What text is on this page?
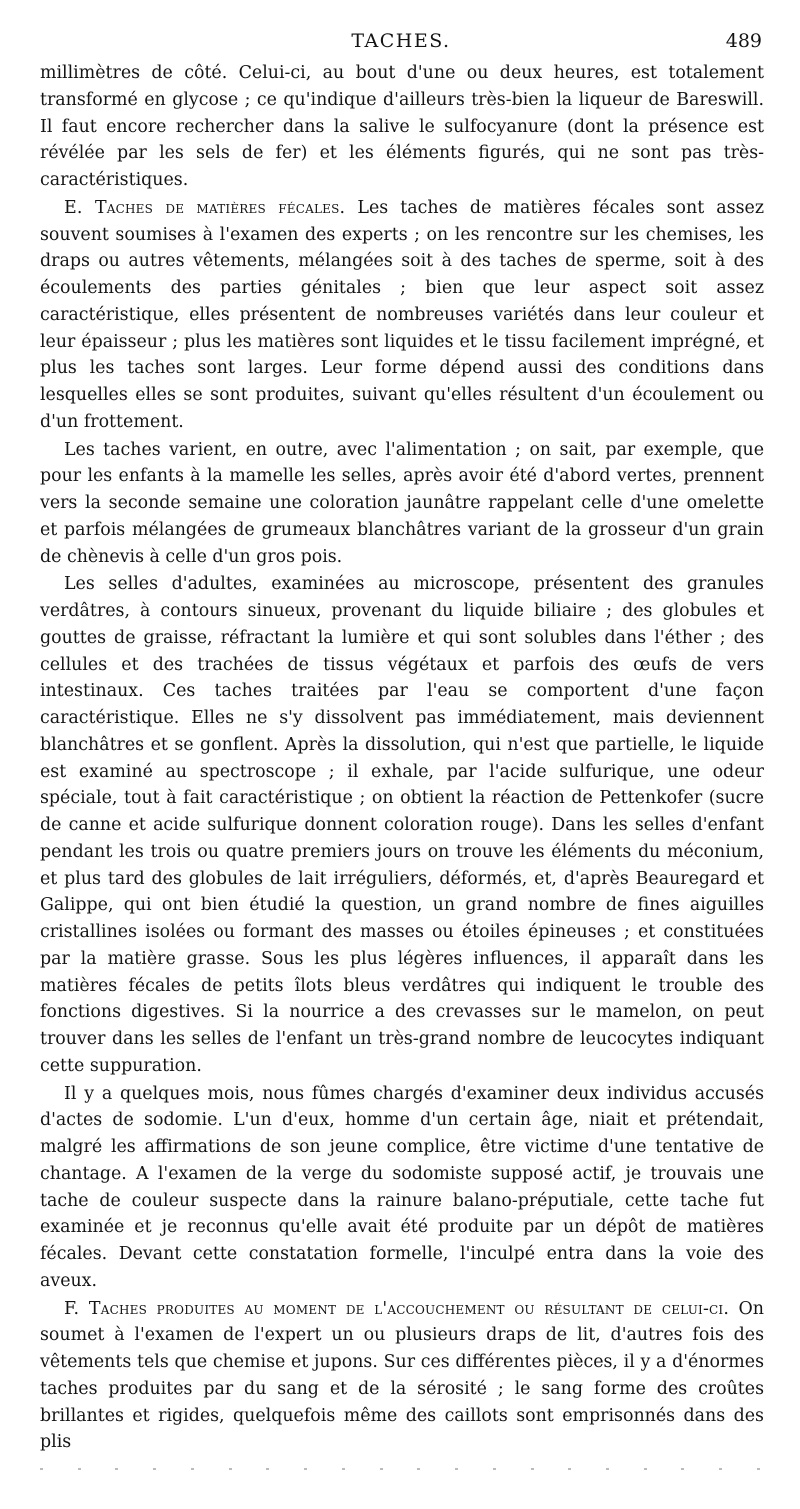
TACHES.	489

millimètres de côté. Celui-ci, au bout d'une ou deux heures, est totalement transformé en glycose ; ce qu'indique d'ailleurs très-bien la liqueur de Bareswill. Il faut encore rechercher dans la salive le sulfocyanure (dont la présence est révélée par les sels de fer) et les éléments figurés, qui ne sont pas très-caractéristiques.

E. Taches de matières fécales. Les taches de matières fécales sont assez souvent soumises à l'examen des experts ; on les rencontre sur les chemises, les draps ou autres vêtements, mélangées soit à des taches de sperme, soit à des écoulements des parties génitales ; bien que leur aspect soit assez caractéristique, elles présentent de nombreuses variétés dans leur couleur et leur épaisseur ; plus les matières sont liquides et le tissu facilement imprégné, et plus les taches sont larges. Leur forme dépend aussi des conditions dans lesquelles elles se sont produites, suivant qu'elles résultent d'un écoulement ou d'un frottement.

Les taches varient, en outre, avec l'alimentation ; on sait, par exemple, que pour les enfants à la mamelle les selles, après avoir été d'abord vertes, prennent vers la seconde semaine une coloration jaunâtre rappelant celle d'une omelette et parfois mélangées de grumeaux blanchâtres variant de la grosseur d'un grain de chènevis à celle d'un gros pois.

Les selles d'adultes, examinées au microscope, présentent des granules verdâtres, à contours sinueux, provenant du liquide biliaire ; des globules et gouttes de graisse, réfractant la lumière et qui sont solubles dans l'éther ; des cellules et des trachées de tissus végétaux et parfois des œufs de vers intestinaux. Ces taches traitées par l'eau se comportent d'une façon caractéristique. Elles ne s'y dissolvent pas immédiatement, mais deviennent blanchâtres et se gonflent. Après la dissolution, qui n'est que partielle, le liquide est examiné au spectroscope ; il exhale, par l'acide sulfurique, une odeur spéciale, tout à fait caractéristique ; on obtient la réaction de Pettenkofer (sucre de canne et acide sulfurique donnent coloration rouge). Dans les selles d'enfant pendant les trois ou quatre premiers jours on trouve les éléments du méconium, et plus tard des globules de lait irréguliers, déformés, et, d'après Beauregard et Galippe, qui ont bien étudié la question, un grand nombre de fines aiguilles cristallines isolées ou formant des masses ou étoiles épineuses ; et constituées par la matière grasse. Sous les plus légères influences, il apparaît dans les matières fécales de petits îlots bleus verdâtres qui indiquent le trouble des fonctions digestives. Si la nourrice a des crevasses sur le mamelon, on peut trouver dans les selles de l'enfant un très-grand nombre de leucocytes indiquant cette suppuration.

Il y a quelques mois, nous fûmes chargés d'examiner deux individus accusés d'actes de sodomie. L'un d'eux, homme d'un certain âge, niait et prétendait, malgré les affirmations de son jeune complice, être victime d'une tentative de chantage. A l'examen de la verge du sodomiste supposé actif, je trouvais une tache de couleur suspecte dans la rainure balano-préputiale, cette tache fut examinée et je reconnus qu'elle avait été produite par un dépôt de matières fécales. Devant cette constatation formelle, l'inculpé entra dans la voie des aveux.

F. Taches produites au moment de l'accouchement ou résultant de celui-ci. On soumet à l'examen de l'expert un ou plusieurs draps de lit, d'autres fois des vêtements tels que chemise et jupons. Sur ces différentes pièces, il y a d'énormes taches produites par du sang et de la sérosité ; le sang forme des croûtes brillantes et rigides, quelquefois même des caillots sont emprisonnés dans des plis
